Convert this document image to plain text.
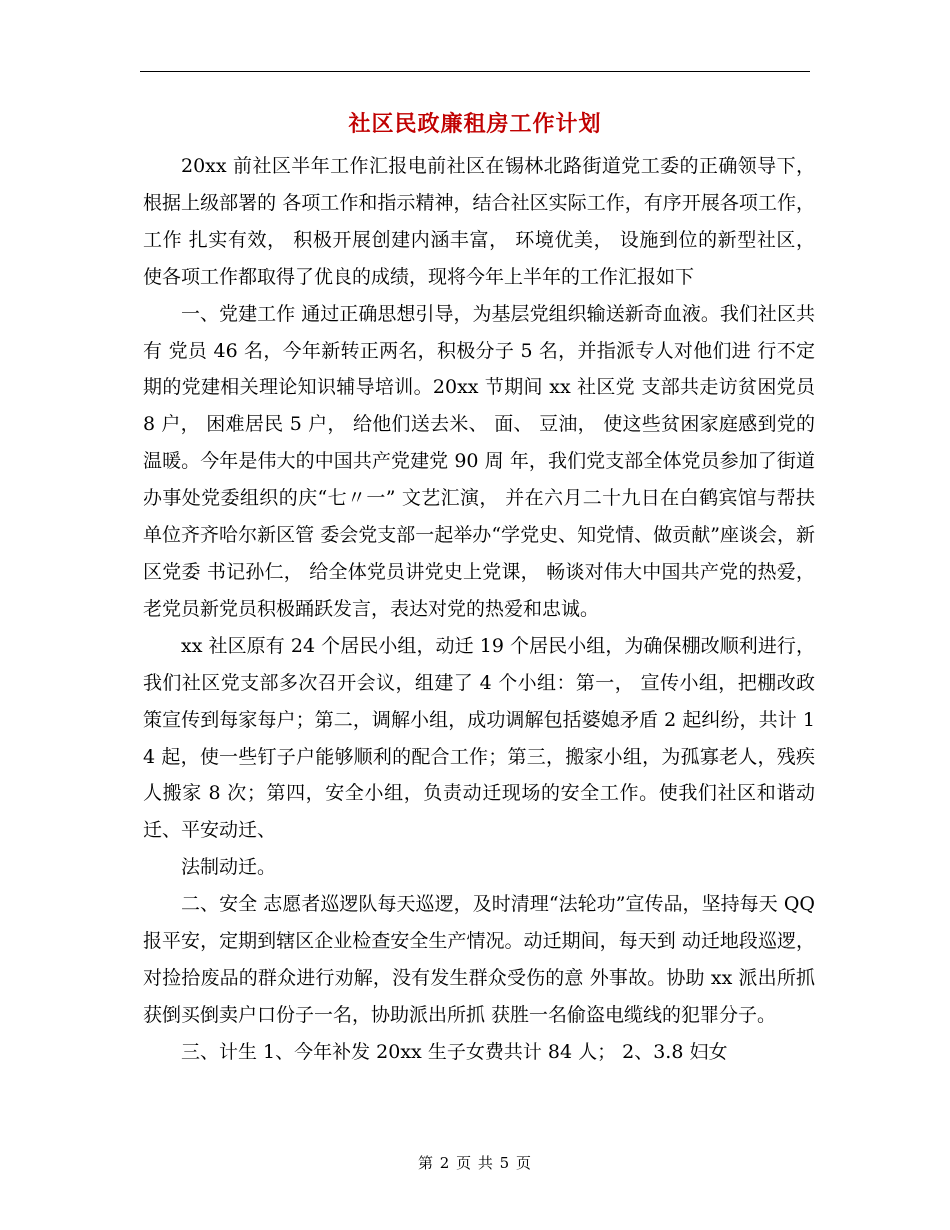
社区民政廉租房工作计划

20xx 前社区半年工作汇报电前社区在锡林北路街道党工委的正确领导下， 根据上级部署的 各项工作和指示精神，结合社区实际工作，有序开展各项工作，工作 扎实有效， 积极开展创建内涵丰富， 环境优美， 设施到位的新型社区， 使各项工作都取得了优良的成绩，现将今年上半年的工作汇报如下

一、党建工作 通过正确思想引导，为基层党组织输送新奇血液。我们社区共有 党员 46 名，今年新转正两名，积极分子 5 名，并指派专人对他们进 行不定期的党建相关理论知识辅导培训。20xx 节期间 xx 社区党 支部共走访贫困党员 8 户， 困难居民 5 户， 给他们送去米、 面、 豆油， 使这些贫困家庭感到党的温暖。今年是伟大的中国共产党建党 90 周 年，我们党支部全体党员参加了街道办事处党委组织的庆“七〃一” 文艺汇演， 并在六月二十九日在白鹤宾馆与帮扶单位齐齐哈尔新区管 委会党支部一起举办“学党史、知党情、做贡献”座谈会，新区党委 书记孙仁， 给全体党员讲党史上党课， 畅谈对伟大中国共产党的热爱， 老党员新党员积极踊跃发言，表达对党的热爱和忠诚。

xx 社区原有 24 个居民小组，动迁 19 个居民小组，为确保棚改顺利进行， 我们社区党支部多次召开会议，组建了 4 个小组：第一， 宣传小组，把棚改政策宣传到每家每户；第二，调解小组，成功调解包括婆媳矛盾 2 起纠纷，共计 14 起，使一些钉子户能够顺利的配合工作；第三，搬家小组，为孤寡老人，残疾人搬家 8 次；第四，安全小组，负责动迁现场的安全工作。使我们社区和谐动迁、平安动迁、

法制动迁。

二、安全 志愿者巡逻队每天巡逻，及时清理“法轮功”宣传品，坚持每天 QQ 报平安，定期到辖区企业检查安全生产情况。动迁期间，每天到 动迁地段巡逻，对捡拾废品的群众进行劝解，没有发生群众受伤的意 外事故。协助 xx 派出所抓获倒买倒卖户口份子一名，协助派出所抓 获胜一名偷盗电缆线的犯罪分子。

三、计生 1、今年补发 20xx 生子女费共计 84 人； 2、3.8 妇女

第 2 页 共 5 页
